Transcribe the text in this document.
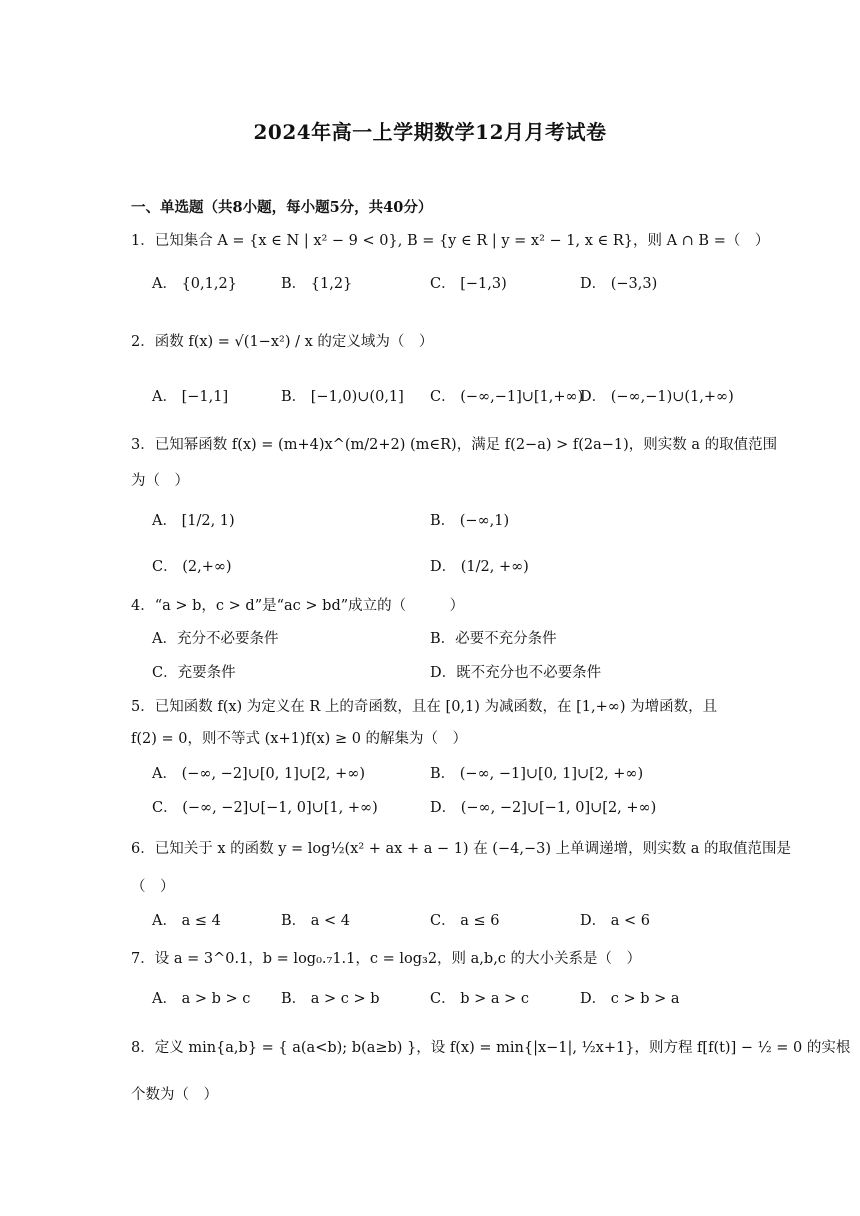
2024年高一上学期数学12月月考试卷
一、单选题（共8小题，每小题5分，共40分）
1．已知集合 A = {x ∈ N | x² − 9 < 0}, B = {y ∈ R | y = x² − 1, x ∈ R}，则 A ∩ B =（　）
A． {0,1,2}	B． {1,2}	C． [−1,3)	D． (−3,3)
2．函数 f(x) = √(1−x²) / x 的定义域为（　）
A． [−1,1]	B． [−1,0)∪(0,1] C． (−∞,−1]∪[1,+∞)
D． (−∞,−1)∪(1,+∞)
3．已知幂函数 f(x) = (m+4)x^(m/2+2) (m∈R)，满足 f(2−a) > f(2a−1)，则实数 a 的取值范围
为（　）
A． [1/2, 1)	B． (−∞,1)
C． (2,+∞)	D． (1/2, +∞)
4．“a > b，c > d”是“ac > bd”成立的（　　　）
A．充分不必要条件	B．必要不充分条件
C．充要条件	D．既不充分也不必要条件
5．已知函数 f(x) 为定义在 R 上的奇函数，且在 [0,1) 为减函数，在 [1,+∞) 为增函数，且
f(2) = 0，则不等式 (x+1)f(x) ≥ 0 的解集为（　）
A． (−∞, −2]∪[0, 1]∪[2, +∞)	B． (−∞, −1]∪[0, 1]∪[2, +∞)
C． (−∞, −2]∪[−1, 0]∪[1, +∞)	D． (−∞, −2]∪[−1, 0]∪[2, +∞)
6．已知关于 x 的函数 y = log½(x² + ax + a − 1) 在 (−4,−3) 上单调递增，则实数 a 的取值范围是
（　）
A． a ≤ 4	B． a < 4	C． a ≤ 6	D． a < 6
7．设 a = 3^0.1，b = log₀.₇1.1，c = log₃2，则 a,b,c 的大小关系是（　）
A． a > b > c B． a > c > b	C． b > a > c	D． c > b > a
8．定义 min{a,b} = { a(a<b); b(a≥b) }，设 f(x) = min{|x−1|, ½x+1}，则方程 f[f(t)] − ½ = 0 的实根
个数为（　）
